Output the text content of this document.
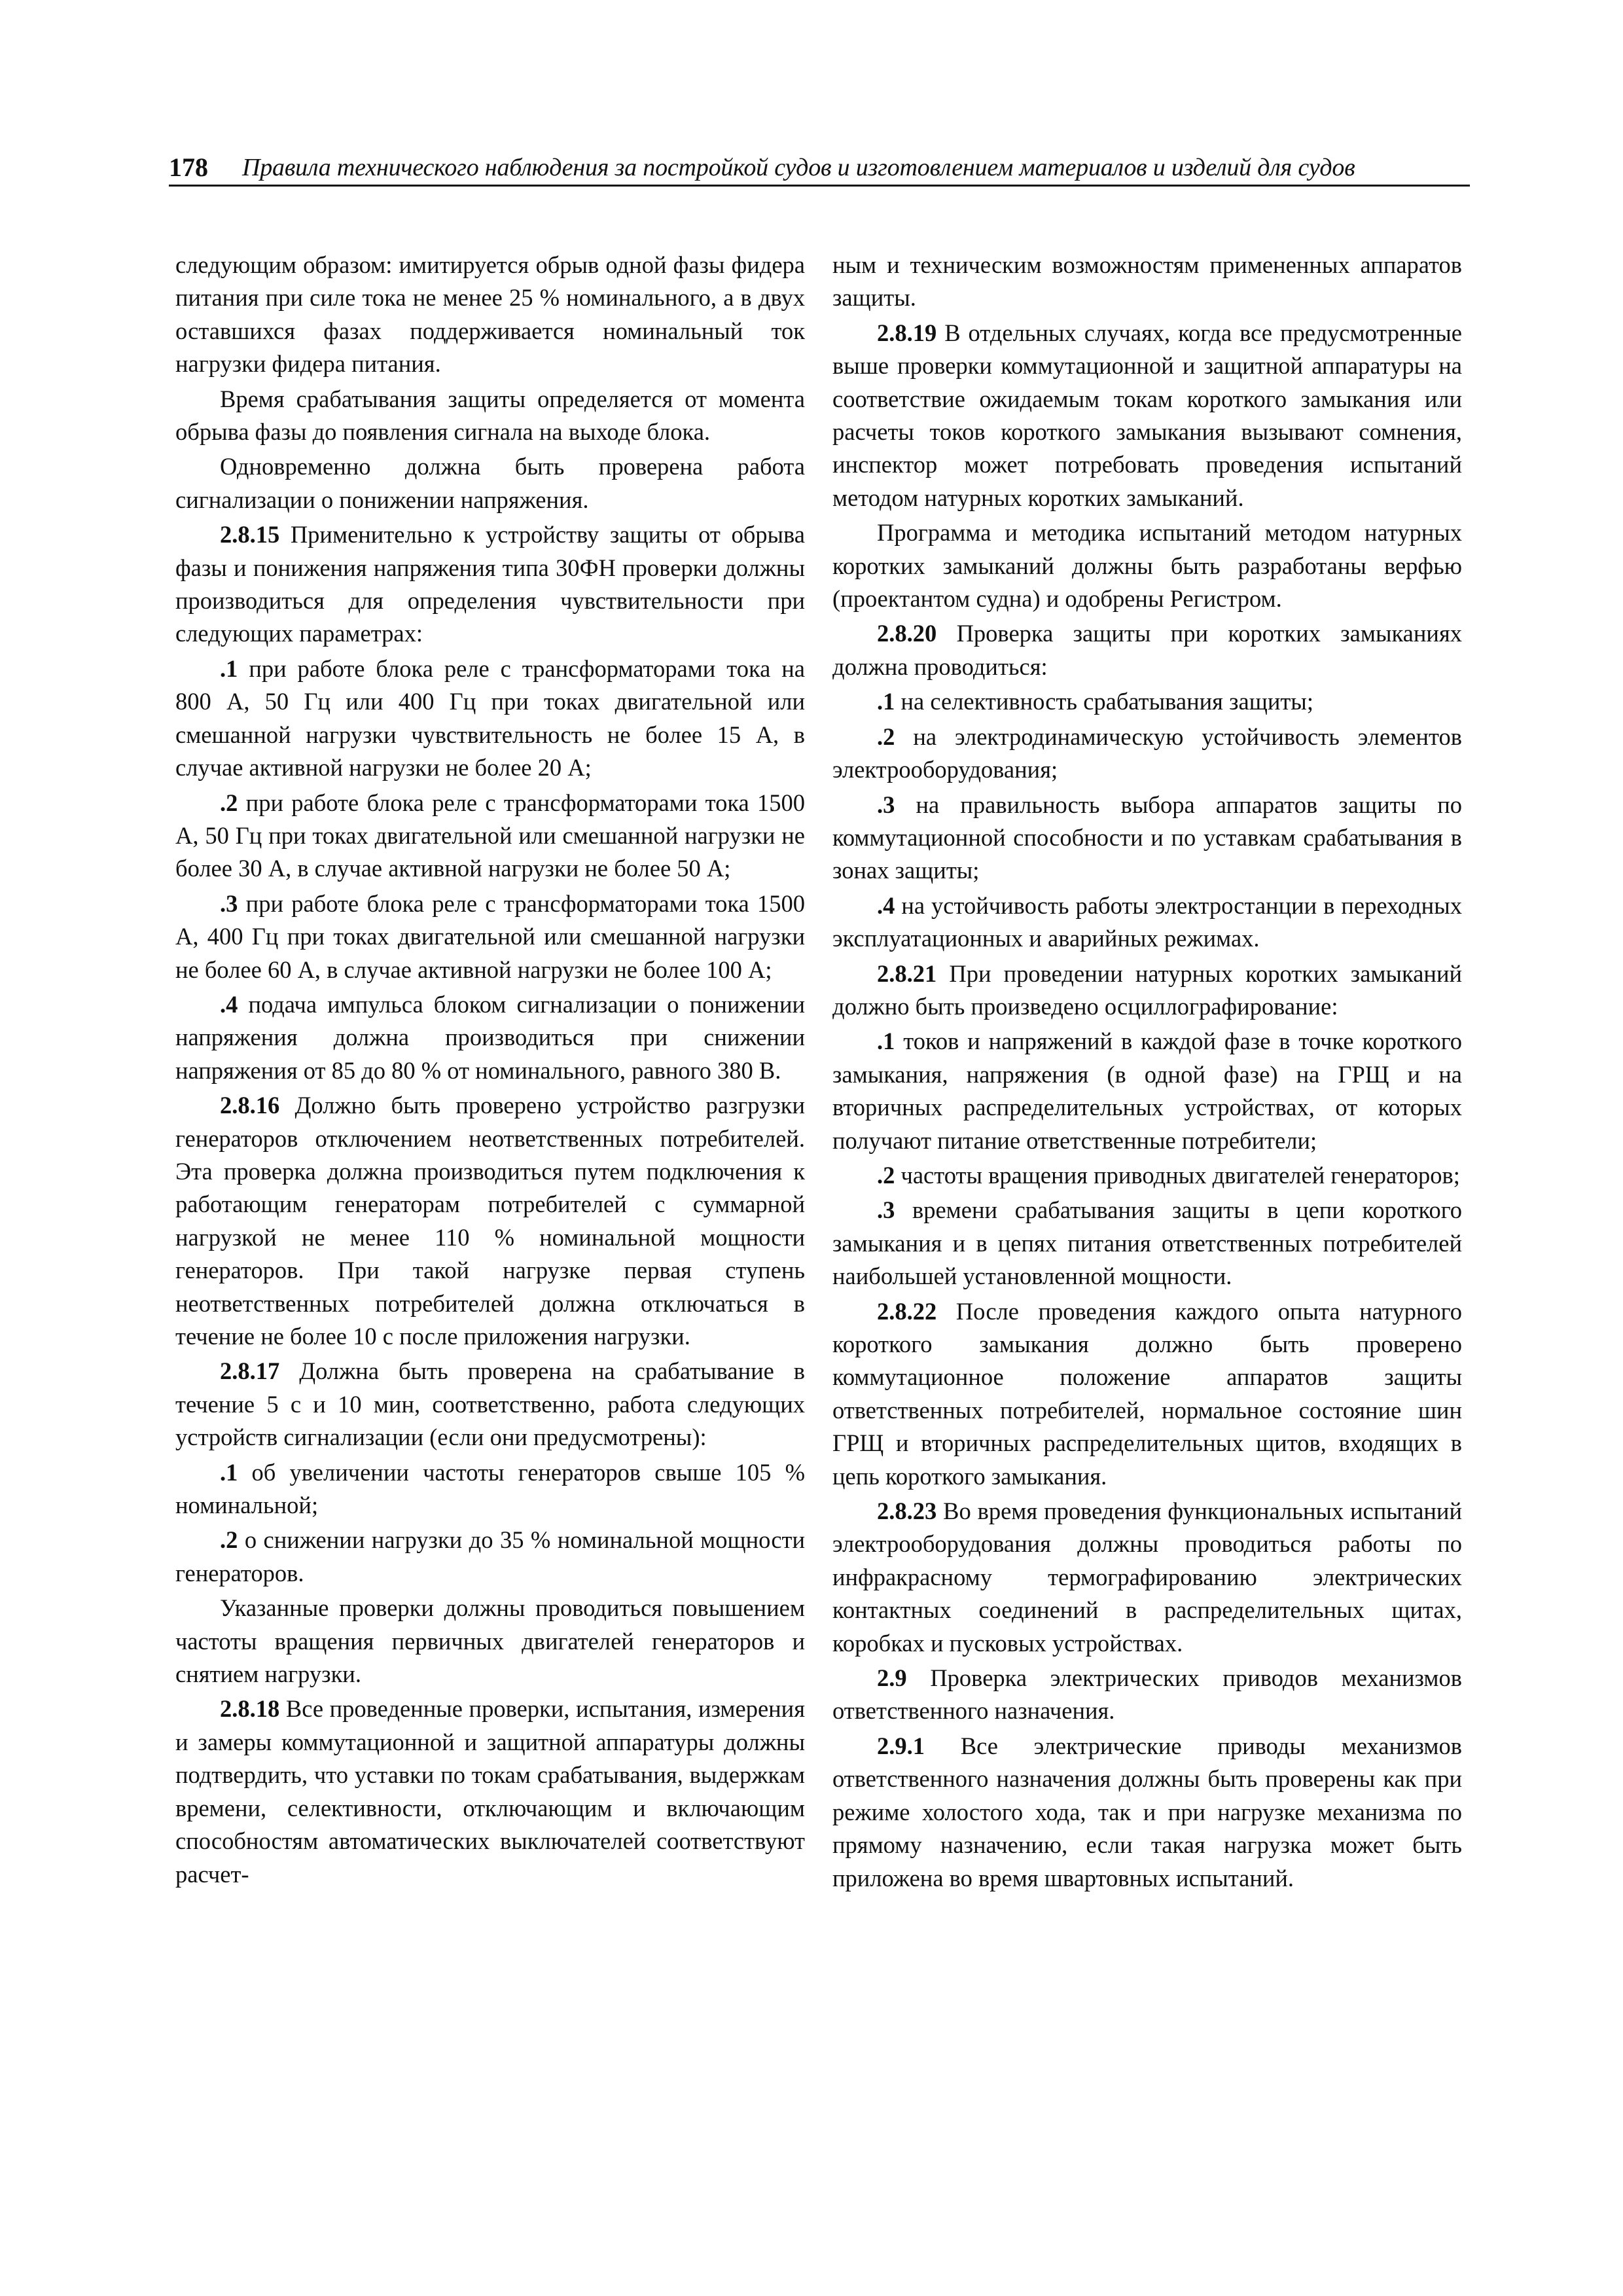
178	Правила технического наблюдения за постройкой судов и изготовлением материалов и изделий для судов

следующим образом: имитируется обрыв одной фазы фидера питания при силе тока не менее 25 % номинального, а в двух оставшихся фазах поддерживается номинальный ток нагрузки фидера питания.

Время срабатывания защиты определяется от момента обрыва фазы до появления сигнала на выходе блока.

Одновременно должна быть проверена работа сигнализации о понижении напряжения.

2.8.15 Применительно к устройству защиты от обрыва фазы и понижения напряжения типа 30ФН проверки должны производиться для определения чувствительности при следующих параметрах:

.1 при работе блока реле с трансформаторами тока на 800 А, 50 Гц или 400 Гц при токах двигательной или смешанной нагрузки чувствительность не более 15 А, в случае активной нагрузки не более 20 А;

.2 при работе блока реле с трансформаторами тока 1500 А, 50 Гц при токах двигательной или смешанной нагрузки не более 30 А, в случае активной нагрузки не более 50 А;

.3 при работе блока реле с трансформаторами тока 1500 А, 400 Гц при токах двигательной или смешанной нагрузки не более 60 А, в случае активной нагрузки не более 100 А;

.4 подача импульса блоком сигнализации о понижении напряжения должна производиться при снижении напряжения от 85 до 80 % от номинального, равного 380 В.

2.8.16 Должно быть проверено устройство разгрузки генераторов отключением неответственных потребителей. Эта проверка должна производиться путем подключения к работающим генераторам потребителей с суммарной нагрузкой не менее 110 % номинальной мощности генераторов. При такой нагрузке первая ступень неответственных потребителей должна отключаться в течение не более 10 с после приложения нагрузки.

2.8.17 Должна быть проверена на срабатывание в течение 5 с и 10 мин, соответственно, работа следующих устройств сигнализации (если они предусмотрены):

.1 об увеличении частоты генераторов свыше 105 % номинальной;

.2 о снижении нагрузки до 35 % номинальной мощности генераторов.

Указанные проверки должны проводиться повышением частоты вращения первичных двигателей генераторов и снятием нагрузки.

2.8.18 Все проведенные проверки, испытания, измерения и замеры коммутационной и защитной аппаратуры должны подтвердить, что уставки по токам срабатывания, выдержкам времени, селективности, отключающим и включающим способностям автоматических выключателей соответствуют расчет-

ным и техническим возможностям примененных аппаратов защиты.

2.8.19 В отдельных случаях, когда все предусмотренные выше проверки коммутационной и защитной аппаратуры на соответствие ожидаемым токам короткого замыкания или расчеты токов короткого замыкания вызывают сомнения, инспектор может потребовать проведения испытаний методом натурных коротких замыканий.

Программа и методика испытаний методом натурных коротких замыканий должны быть разработаны верфью (проектантом судна) и одобрены Регистром.

2.8.20 Проверка защиты при коротких замыканиях должна проводиться:

.1 на селективность срабатывания защиты;

.2 на электродинамическую устойчивость элементов электрооборудования;

.3 на правильность выбора аппаратов защиты по коммутационной способности и по уставкам срабатывания в зонах защиты;

.4 на устойчивость работы электростанции в переходных эксплуатационных и аварийных режимах.

2.8.21 При проведении натурных коротких замыканий должно быть произведено осциллографирование:

.1 токов и напряжений в каждой фазе в точке короткого замыкания, напряжения (в одной фазе) на ГРЩ и на вторичных распределительных устройствах, от которых получают питание ответственные потребители;

.2 частоты вращения приводных двигателей генераторов;

.3 времени срабатывания защиты в цепи короткого замыкания и в цепях питания ответственных потребителей наибольшей установленной мощности.

2.8.22 После проведения каждого опыта натурного короткого замыкания должно быть проверено коммутационное положение аппаратов защиты ответственных потребителей, нормальное состояние шин ГРЩ и вторичных распределительных щитов, входящих в цепь короткого замыкания.

2.8.23 Во время проведения функциональных испытаний электрооборудования должны проводиться работы по инфракрасному термографированию электрических контактных соединений в распределительных щитах, коробках и пусковых устройствах.

2.9 Проверка электрических приводов механизмов ответственного назначения.

2.9.1 Все электрические приводы механизмов ответственного назначения должны быть проверены как при режиме холостого хода, так и при нагрузке механизма по прямому назначению, если такая нагрузка может быть приложена во время швартовных испытаний.
